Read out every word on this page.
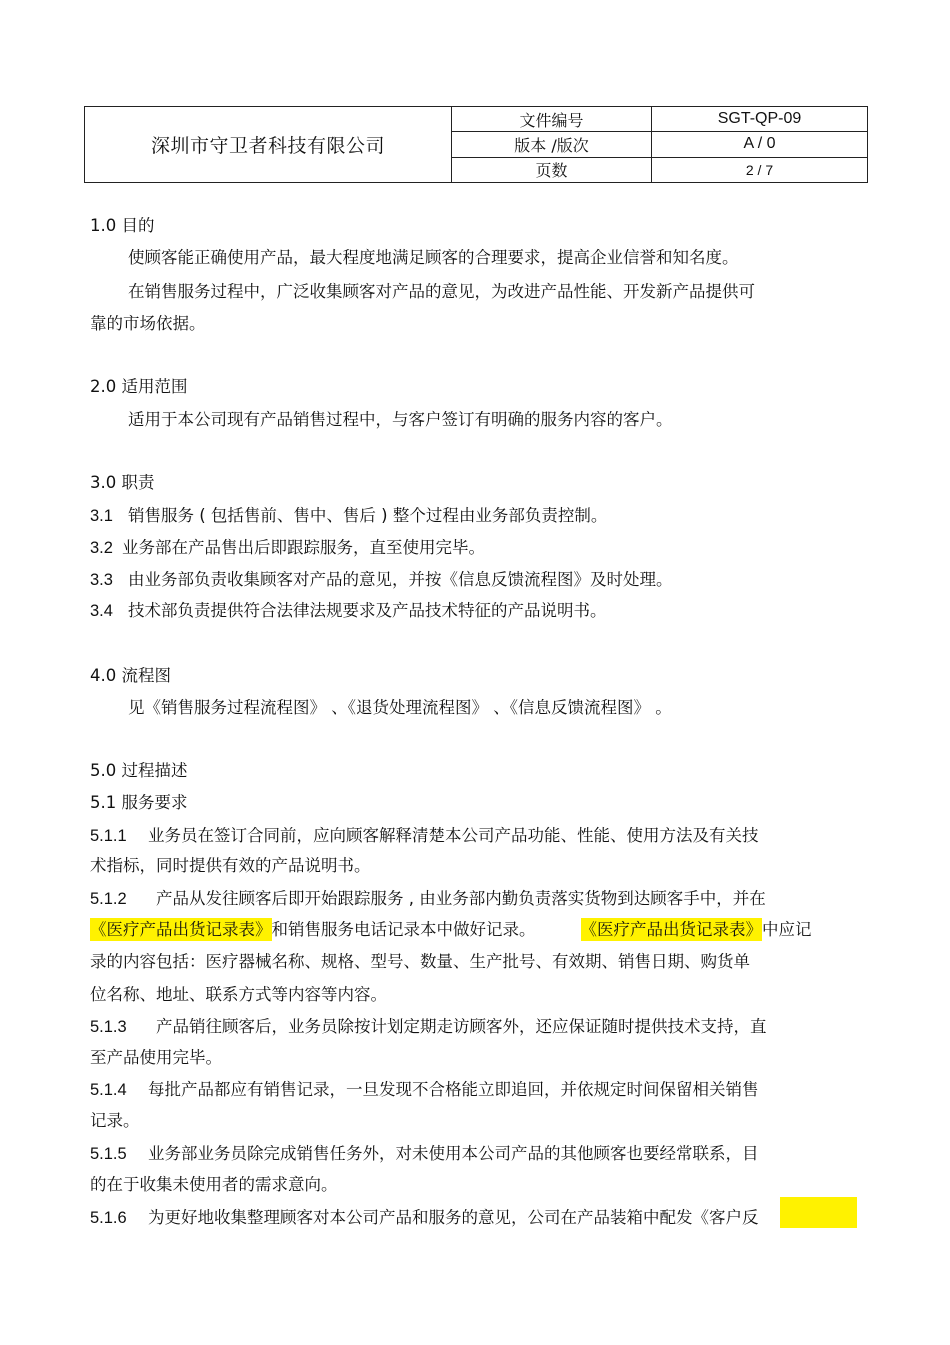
深圳市守卫者科技有限公司	文件编号	SGT-QP-09
	版本 /版次	A / 0
	页数	2 / 7
1.0 目的
使顾客能正确使用产品，最大程度地满足顾客的合理要求，提高企业信誉和知名度。
在销售服务过程中，广泛收集顾客对产品的意见，为改进产品性能、开发新产品提供可
靠的市场依据。
2.0 适用范围
适用于本公司现有产品销售过程中，与客户签订有明确的服务内容的客户。
3.0 职责
3.1 销售服务 ( 包括售前、售中、售后 ) 整个过程由业务部负责控制。
3.2 业务部在产品售出后即跟踪服务，直至使用完毕。
3.3 由业务部负责收集顾客对产品的意见，并按《信息反馈流程图》及时处理。
3.4 技术部负责提供符合法律法规要求及产品技术特征的产品说明书。
4.0 流程图
见《销售服务过程流程图》 、《退货处理流程图》 、《信息反馈流程图》 。
5.0 过程描述
5.1 服务要求
5.1.1 业务员在签订合同前，应向顾客解释清楚本公司产品功能、性能、使用方法及有关技
术指标，同时提供有效的产品说明书。
5.1.2 产品从发往顾客后即开始跟踪服务 , 由业务部内勤负责落实货物到达顾客手中，并在
《医疗产品出货记录表》和销售服务电话记录本中做好记录。	《医疗产品出货记录表》中应记
录的内容包括：医疗器械名称、规格、型号、数量、生产批号、有效期、销售日期、购货单
位名称、地址、联系方式等内容等内容。
5.1.3 产品销往顾客后，业务员除按计划定期走访顾客外，还应保证随时提供技术支持，直
至产品使用完毕。
5.1.4 每批产品都应有销售记录，一旦发现不合格能立即追回，并依规定时间保留相关销售
记录。
5.1.5 业务部业务员除完成销售任务外，对未使用本公司产品的其他顾客也要经常联系，目
的在于收集未使用者的需求意向。
5.1.6 为更好地收集整理顾客对本公司产品和服务的意见，公司在产品装箱中配发《客户反
